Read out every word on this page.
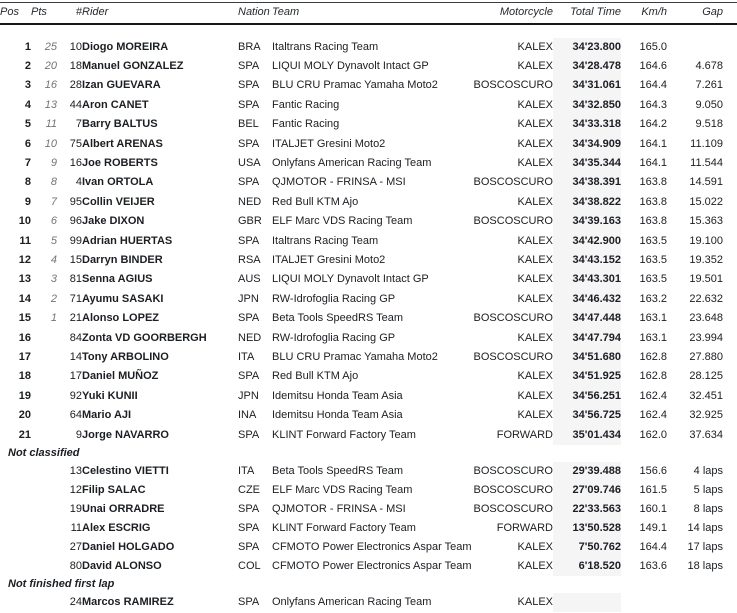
Pos	Pts	#	Rider	Nation	Team	Motorcycle	Total Time	Km/h	Gap	

1	25	10	Diogo MOREIRA	BRA	Italtrans Racing Team	KALEX	34'23.800	165.0		
2	20	18	Manuel GONZALEZ	SPA	LIQUI MOLY Dynavolt Intact GP	KALEX	34'28.478	164.6	4.678	
3	16	28	Izan GUEVARA	SPA	BLU CRU Pramac Yamaha Moto2	BOSCOSCURO	34'31.061	164.4	7.261	
4	13	44	Aron CANET	SPA	Fantic Racing	KALEX	34'32.850	164.3	9.050	
5	11	7	Barry BALTUS	BEL	Fantic Racing	KALEX	34'33.318	164.2	9.518	
6	10	75	Albert ARENAS	SPA	ITALJET Gresini Moto2	KALEX	34'34.909	164.1	11.109	
7	9	16	Joe ROBERTS	USA	Onlyfans American Racing Team	KALEX	34'35.344	164.1	11.544	
8	8	4	Ivan ORTOLA	SPA	QJMOTOR - FRINSA - MSI	BOSCOSCURO	34'38.391	163.8	14.591	
9	7	95	Collin VEIJER	NED	Red Bull KTM Ajo	KALEX	34'38.822	163.8	15.022	
10	6	96	Jake DIXON	GBR	ELF Marc VDS Racing Team	BOSCOSCURO	34'39.163	163.8	15.363	
11	5	99	Adrian HUERTAS	SPA	Italtrans Racing Team	KALEX	34'42.900	163.5	19.100	
12	4	15	Darryn BINDER	RSA	ITALJET Gresini Moto2	KALEX	34'43.152	163.5	19.352	
13	3	81	Senna AGIUS	AUS	LIQUI MOLY Dynavolt Intact GP	KALEX	34'43.301	163.5	19.501	
14	2	71	Ayumu SASAKI	JPN	RW-Idrofoglia Racing GP	KALEX	34'46.432	163.2	22.632	
15	1	21	Alonso LOPEZ	SPA	Beta Tools SpeedRS Team	BOSCOSCURO	34'47.448	163.1	23.648	
16		84	Zonta VD GOORBERGH	NED	RW-Idrofoglia Racing GP	KALEX	34'47.794	163.1	23.994	
17		14	Tony ARBOLINO	ITA	BLU CRU Pramac Yamaha Moto2	BOSCOSCURO	34'51.680	162.8	27.880	
18		17	Daniel MUÑOZ	SPA	Red Bull KTM Ajo	KALEX	34'51.925	162.8	28.125	
19		92	Yuki KUNII	JPN	Idemitsu Honda Team Asia	KALEX	34'56.251	162.4	32.451	
20		64	Mario AJI	INA	Idemitsu Honda Team Asia	KALEX	34'56.725	162.4	32.925	
21		9	Jorge NAVARRO	SPA	KLINT Forward Factory Team	FORWARD	35'01.434	162.0	37.634	
Not classified										
		13	Celestino VIETTI	ITA	Beta Tools SpeedRS Team	BOSCOSCURO	29'39.488	156.6	4 laps	
		12	Filip SALAC	CZE	ELF Marc VDS Racing Team	BOSCOSCURO	27'09.746	161.5	5 laps	
		19	Unai ORRADRE	SPA	QJMOTOR - FRINSA - MSI	BOSCOSCURO	22'33.563	160.1	8 laps	
		11	Alex ESCRIG	SPA	KLINT Forward Factory Team	FORWARD	13'50.528	149.1	14 laps	
		27	Daniel HOLGADO	SPA	CFMOTO Power Electronics Aspar Team	KALEX	7'50.762	164.4	17 laps	
		80	David ALONSO	COL	CFMOTO Power Electronics Aspar Team	KALEX	6'18.520	163.6	18 laps	
Not finished first lap										
		24	Marcos RAMIREZ	SPA	Onlyfans American Racing Team	KALEX				
